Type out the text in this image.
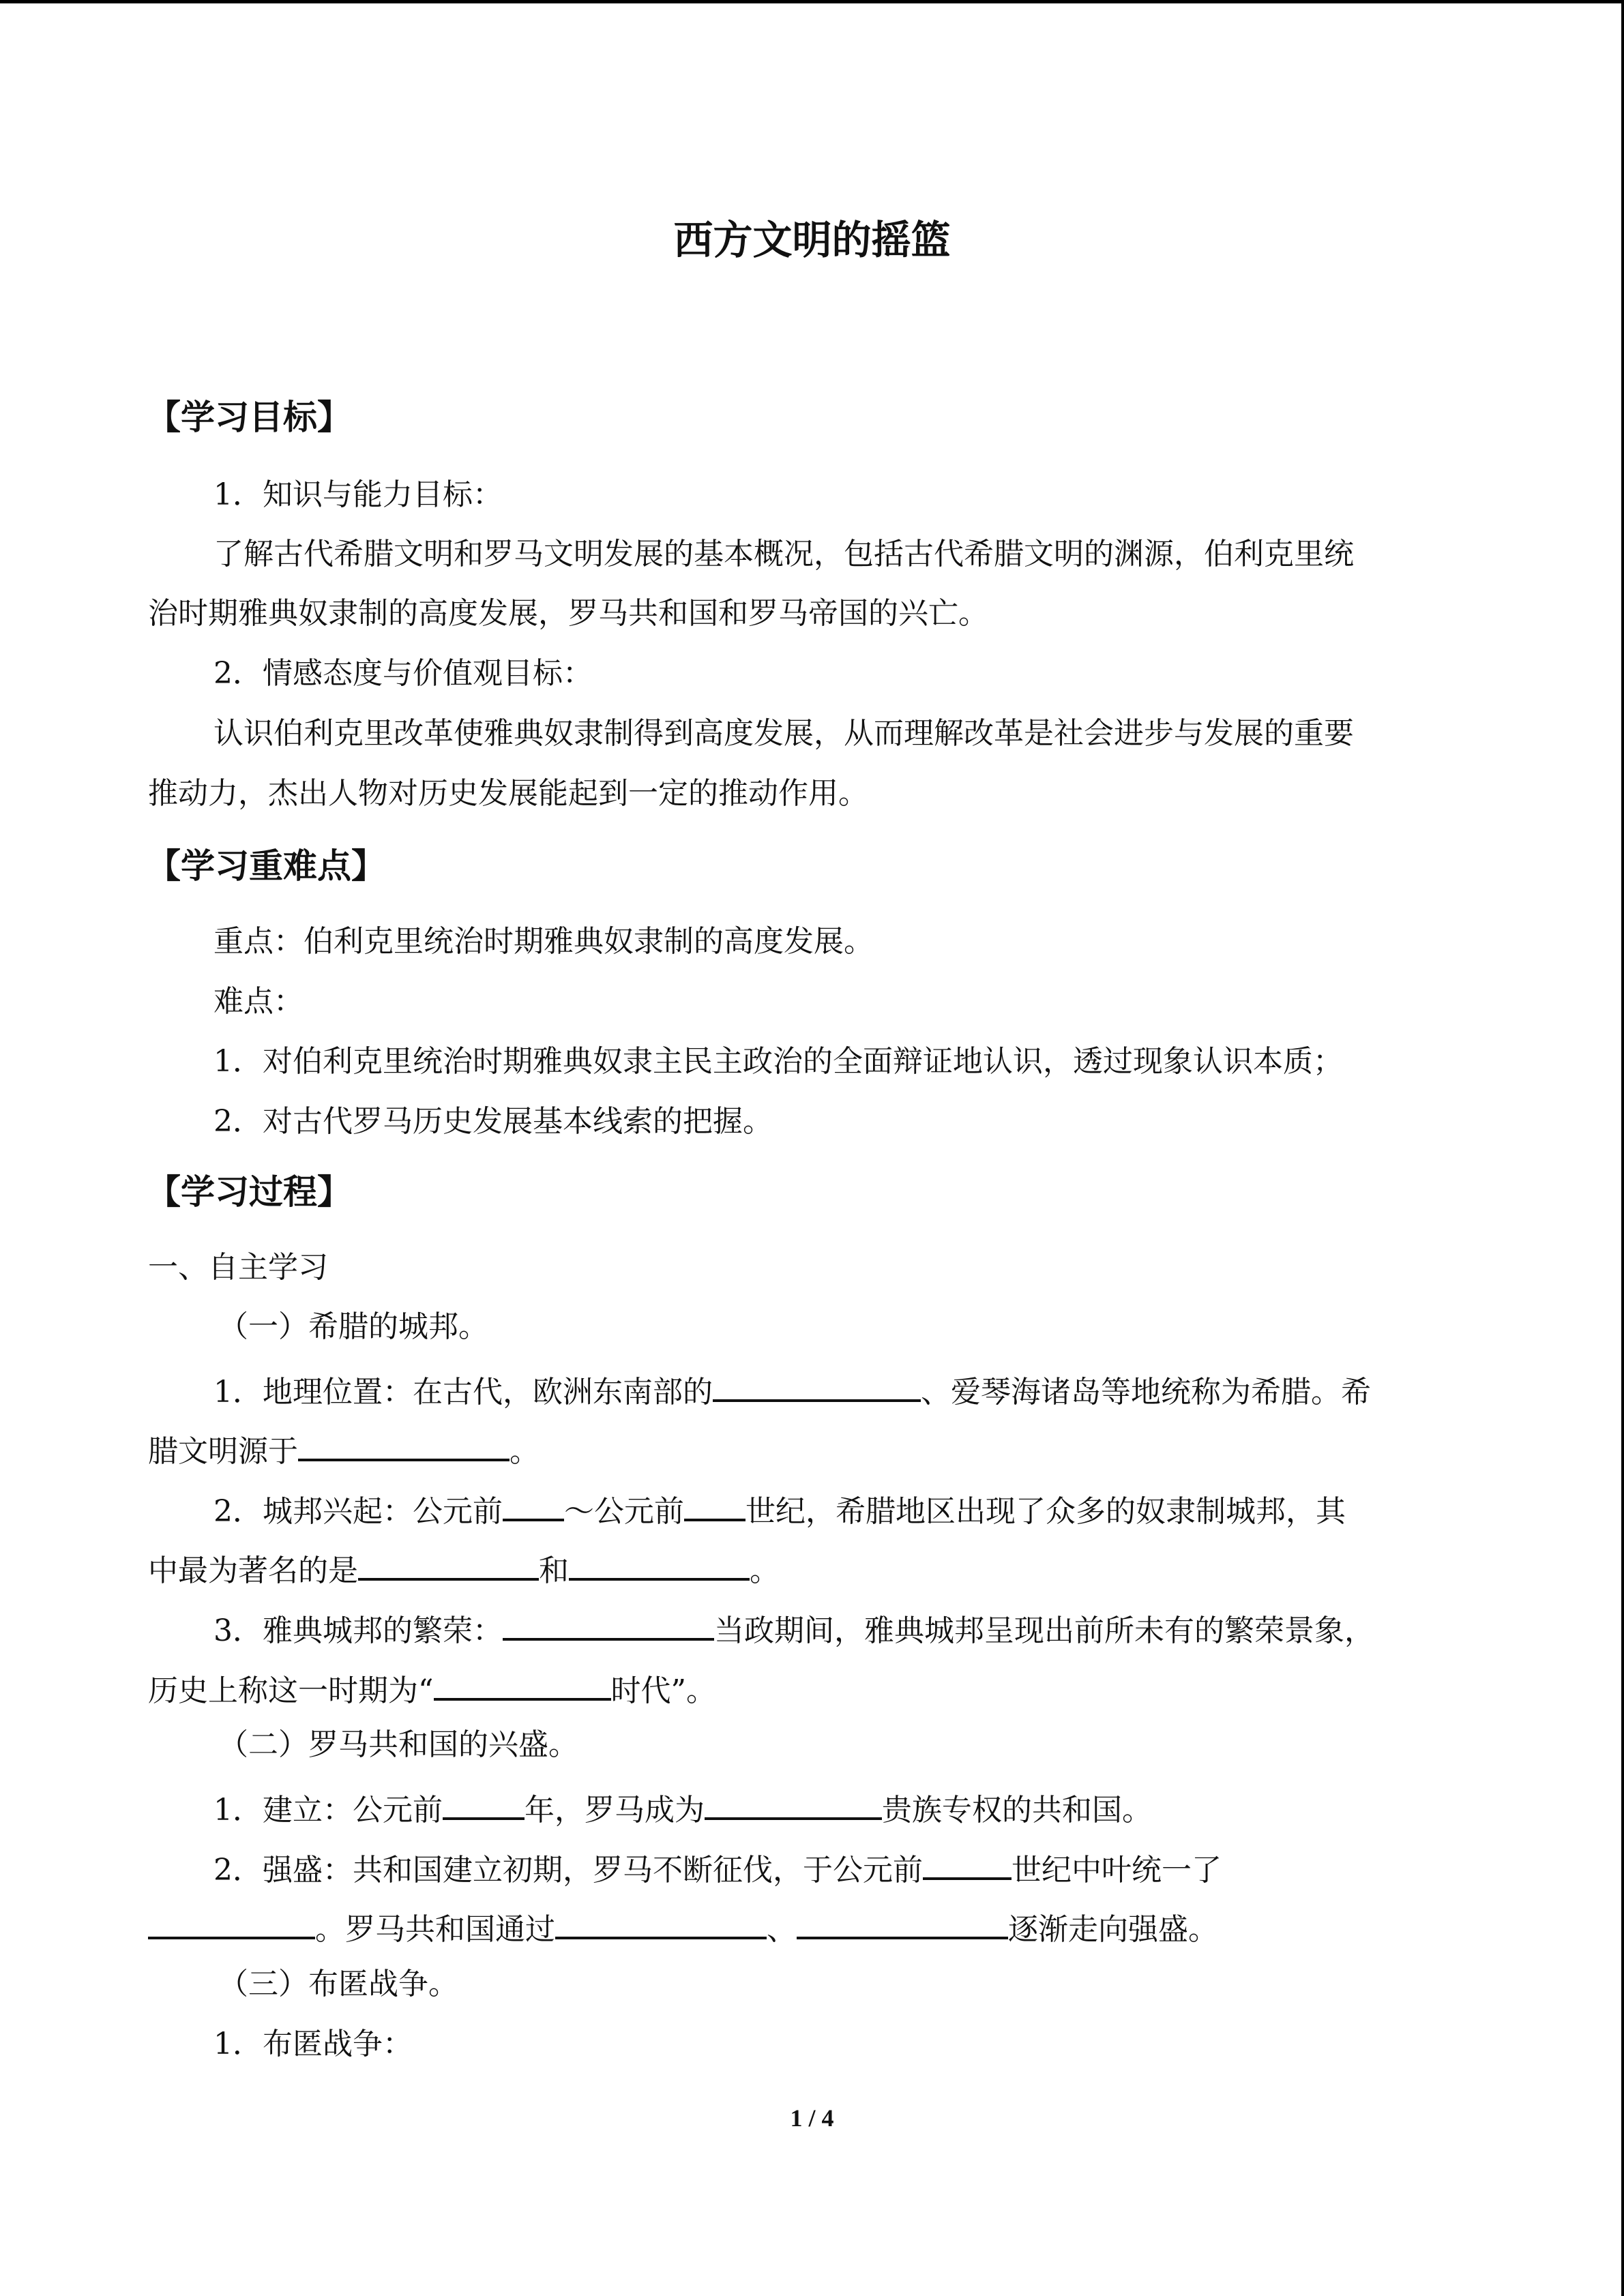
西方文明的摇篮
【学习目标】
1．知识与能力目标：
了解古代希腊文明和罗马文明发展的基本概况，包括古代希腊文明的渊源，伯利克里统
治时期雅典奴隶制的高度发展，罗马共和国和罗马帝国的兴亡。
2．情感态度与价值观目标：
认识伯利克里改革使雅典奴隶制得到高度发展，从而理解改革是社会进步与发展的重要
推动力，杰出人物对历史发展能起到一定的推动作用。
【学习重难点】
重点：伯利克里统治时期雅典奴隶制的高度发展。
难点：
1．对伯利克里统治时期雅典奴隶主民主政治的全面辩证地认识，透过现象认识本质；
2．对古代罗马历史发展基本线索的把握。
【学习过程】
一、自主学习
（一）希腊的城邦。
1．地理位置：在古代，欧洲东南部的	、爱琴海诸岛等地统称为希腊。希
腊文明源于	。
2．城邦兴起：公元前 ～公元前 世纪，希腊地区出现了众多的奴隶制城邦，其
中最为著名的是	和	。
3．雅典城邦的繁荣：	当政期间，雅典城邦呈现出前所未有的繁荣景象，
历史上称这一时期为“	时代”。
（二）罗马共和国的兴盛。
1．建立：公元前	年，罗马成为	贵族专权的共和国。
2．强盛：共和国建立初期，罗马不断征伐，于公元前	世纪中叶统一了
。罗马共和国通过	、	逐渐走向强盛。
（三）布匿战争。
1．布匿战争：
1 / 4
